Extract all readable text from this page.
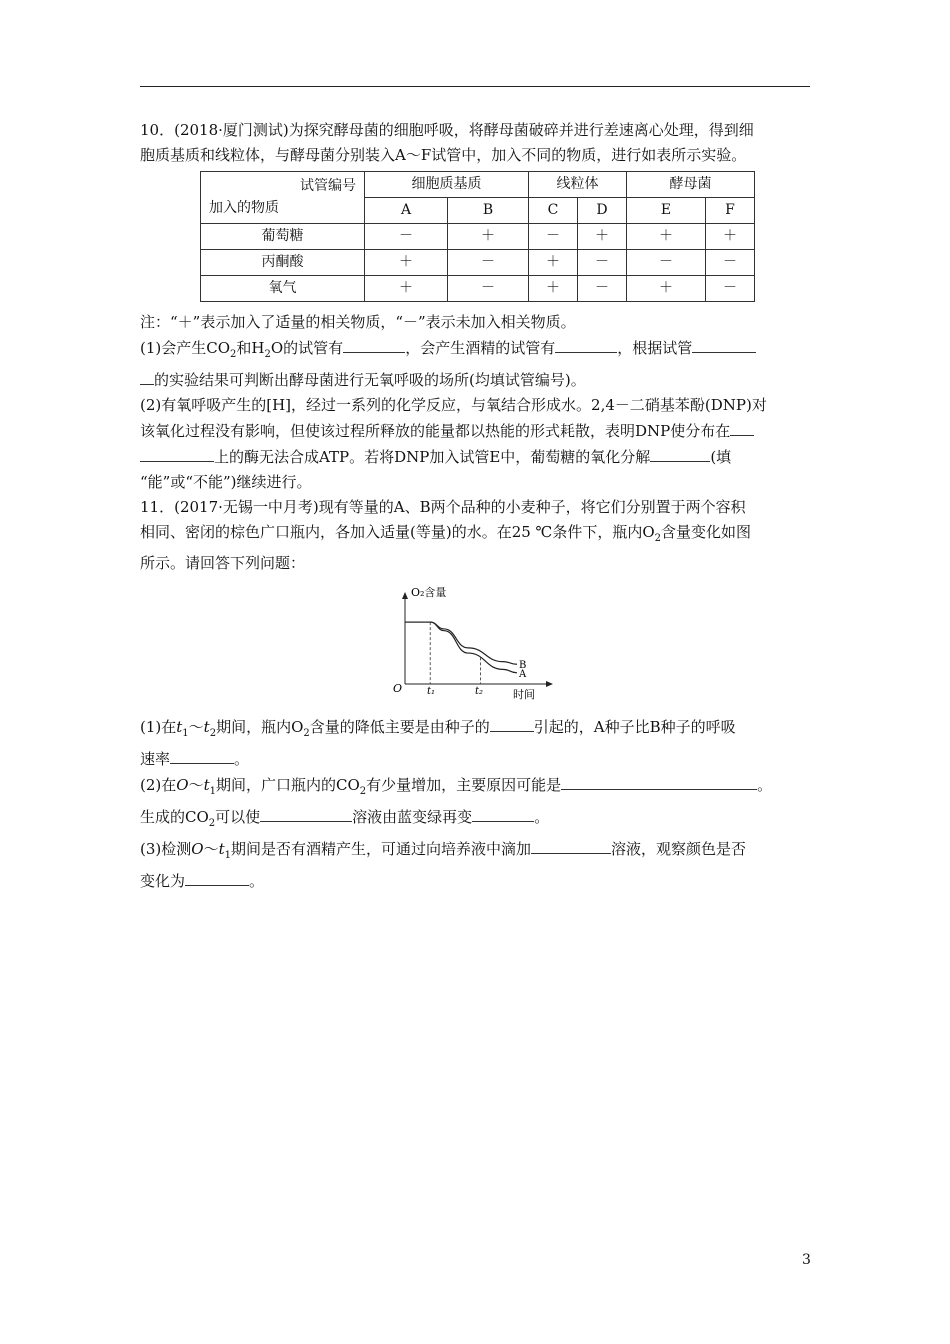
10．(2018·厦门测试)为探究酵母菌的细胞呼吸，将酵母菌破碎并进行差速离心处理，得到细

胞质基质和线粒体，与酵母菌分别装入A～F试管中，加入不同的物质，进行如表所示实验。

试管编号
加入的物质	细胞质基质		线粒体		酵母菌	
	A	B	C	D	E	F
葡萄糖	－	＋	－	＋	＋	＋
丙酮酸	＋	－	＋	－	－	－
氧气	＋	－	＋	－	＋	－

注：“＋”表示加入了适量的相关物质，“－”表示未加入相关物质。

(1)会产生$CO_2$和$H_2O$的试管有	，会产生酒精的试管有	，根据试管

的实验结果可判断出酵母菌进行无氧呼吸的场所(均填试管编号)。

(2)有氧呼吸产生的[H]，经过一系列的化学反应，与氧结合形成水。2,4－二硝基苯酚(DNP)对

该氧化过程没有影响，但使该过程所释放的能量都以热能的形式耗散，表明DNP使分布在

上的酶无法合成ATP。若将DNP加入试管E中，葡萄糖的氧化分解	(填

“能”或“不能”)继续进行。

11．(2017·无锡一中月考)现有等量的A、B两个品种的小麦种子，将它们分别置于两个容积

相同、密闭的棕色广口瓶内，各加入适量(等量)的水。在25 ℃条件下，瓶内$O_2$含量变化如图

所示。请回答下列问题：

O₂含量
时间
O t₁	t₂
A
B

(1)在$t_1\sim t_2$期间，瓶内$O_2$含量的降低主要是由种子的	引起的，A种子比B种子的呼吸

速率	。

(2)在$O\sim t_1$期间，广口瓶内的$CO_2$有少量增加，主要原因可能是	。

生成的$CO_2$可以使	溶液由蓝变绿再变	。

(3)检测$O\sim t_1$期间是否有酒精产生，可通过向培养液中滴加	溶液，观察颜色是否

变化为	。

3
